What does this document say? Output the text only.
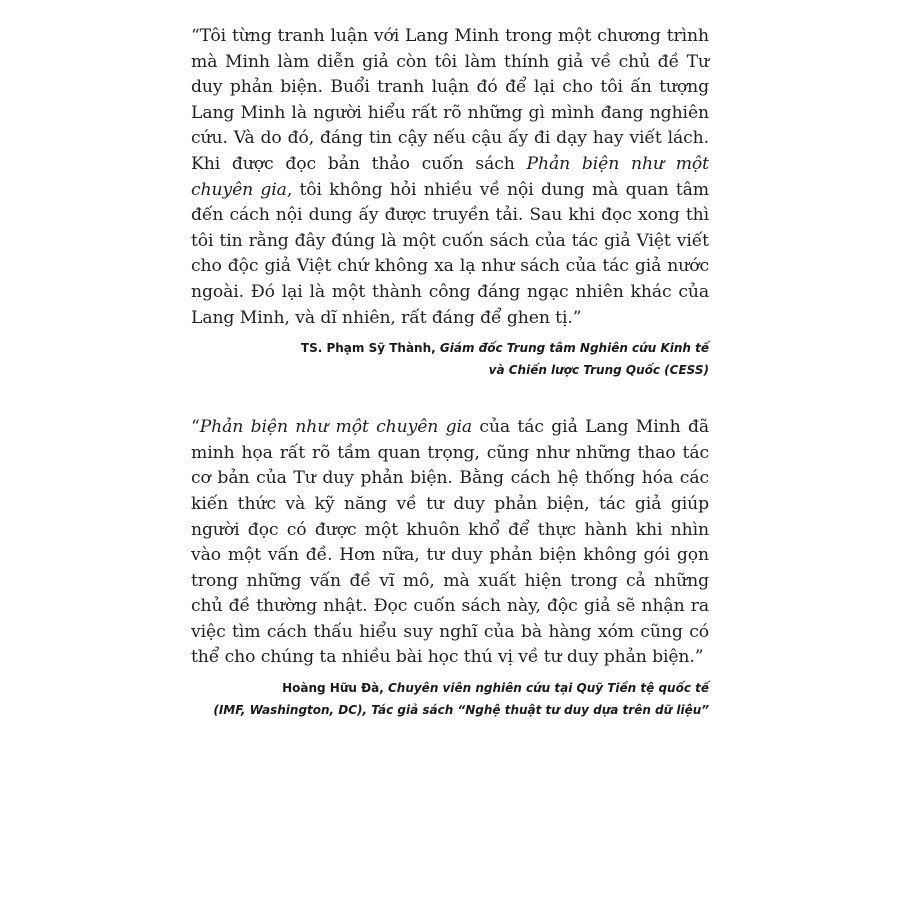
“Tôi từng tranh luận với Lang Minh trong một chương trình mà Minh làm diễn giả còn tôi làm thính giả về chủ đề Tư duy phản biện. Buổi tranh luận đó để lại cho tôi ấn tượng Lang Minh là người hiểu rất rõ những gì mình đang nghiên cứu. Và do đó, đáng tin cậy nếu cậu ấy đi dạy hay viết lách. Khi được đọc bản thảo cuốn sách Phản biện như một chuyên gia, tôi không hỏi nhiều về nội dung mà quan tâm đến cách nội dung ấy được truyền tải. Sau khi đọc xong thì tôi tin rằng đây đúng là một cuốn sách của tác giả Việt viết cho độc giả Việt chứ không xa lạ như sách của tác giả nước ngoài. Đó lại là một thành công đáng ngạc nhiên khác của Lang Minh, và dĩ nhiên, rất đáng để ghen tị.”

TS. Phạm Sỹ Thành, Giám đốc Trung tâm Nghiên cứu Kinh tế
và Chiến lược Trung Quốc (CESS)

“Phản biện như một chuyên gia của tác giả Lang Minh đã minh họa rất rõ tầm quan trọng, cũng như những thao tác cơ bản của Tư duy phản biện. Bằng cách hệ thống hóa các kiến thức và kỹ năng về tư duy phản biện, tác giả giúp người đọc có được một khuôn khổ để thực hành khi nhìn vào một vấn đề. Hơn nữa, tư duy phản biện không gói gọn trong những vấn đề vĩ mô, mà xuất hiện trong cả những chủ đề thường nhật. Đọc cuốn sách này, độc giả sẽ nhận ra việc tìm cách thấu hiểu suy nghĩ của bà hàng xóm cũng có thể cho chúng ta nhiều bài học thú vị về tư duy phản biện.”

Hoàng Hữu Đà, Chuyên viên nghiên cứu tại Quỹ Tiền tệ quốc tế
(IMF, Washington, DC), Tác giả sách “Nghệ thuật tư duy dựa trên dữ liệu”
